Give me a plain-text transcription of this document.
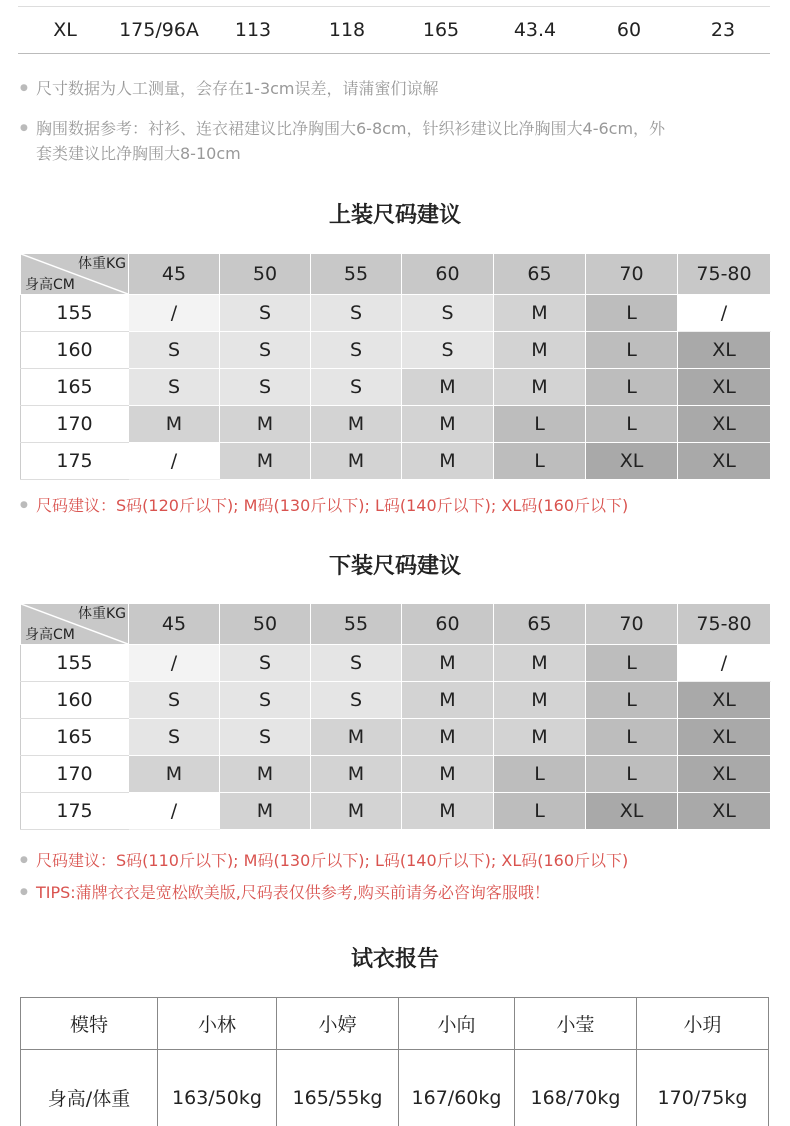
XL	175/96A	113	118	165	43.4	60	23
● 尺寸数据为人工测量，会存在1-3cm误差，请蒲蜜们谅解
● 胸围数据参考：衬衫、连衣裙建议比净胸围大6-8cm，针织衫建议比净胸围大4-6cm，外
套类建议比净胸围大8-10cm
上装尺码建议
体重KG
身高CM	45	50	55	60	65	70	75-80
155	/	S	S	S	M	L	/
160	S	S	S	S	M	L	XL
165	S	S	S	M	M	L	XL
170	M	M	M	M	L	L	XL
175	/	M	M	M	L	XL	XL
● 尺码建议：S码(120斤以下); M码(130斤以下); L码(140斤以下); XL码(160斤以下)
下装尺码建议
体重KG
身高CM	45	50	55	60	65	70	75-80
155	/	S	S	M	M	L	/
160	S	S	S	M	M	L	XL
165	S	S	M	M	M	L	XL
170	M	M	M	M	L	L	XL
175	/	M	M	M	L	XL	XL
● 尺码建议：S码(110斤以下); M码(130斤以下); L码(140斤以下); XL码(160斤以下)
● TIPS:蒲牌衣衣是宽松欧美版,尺码表仅供参考,购买前请务必咨询客服哦！
试衣报告
模特	小林	小婷	小向	小莹	小玥
身高/体重	163/50kg	165/55kg	167/60kg	168/70kg	170/75kg
